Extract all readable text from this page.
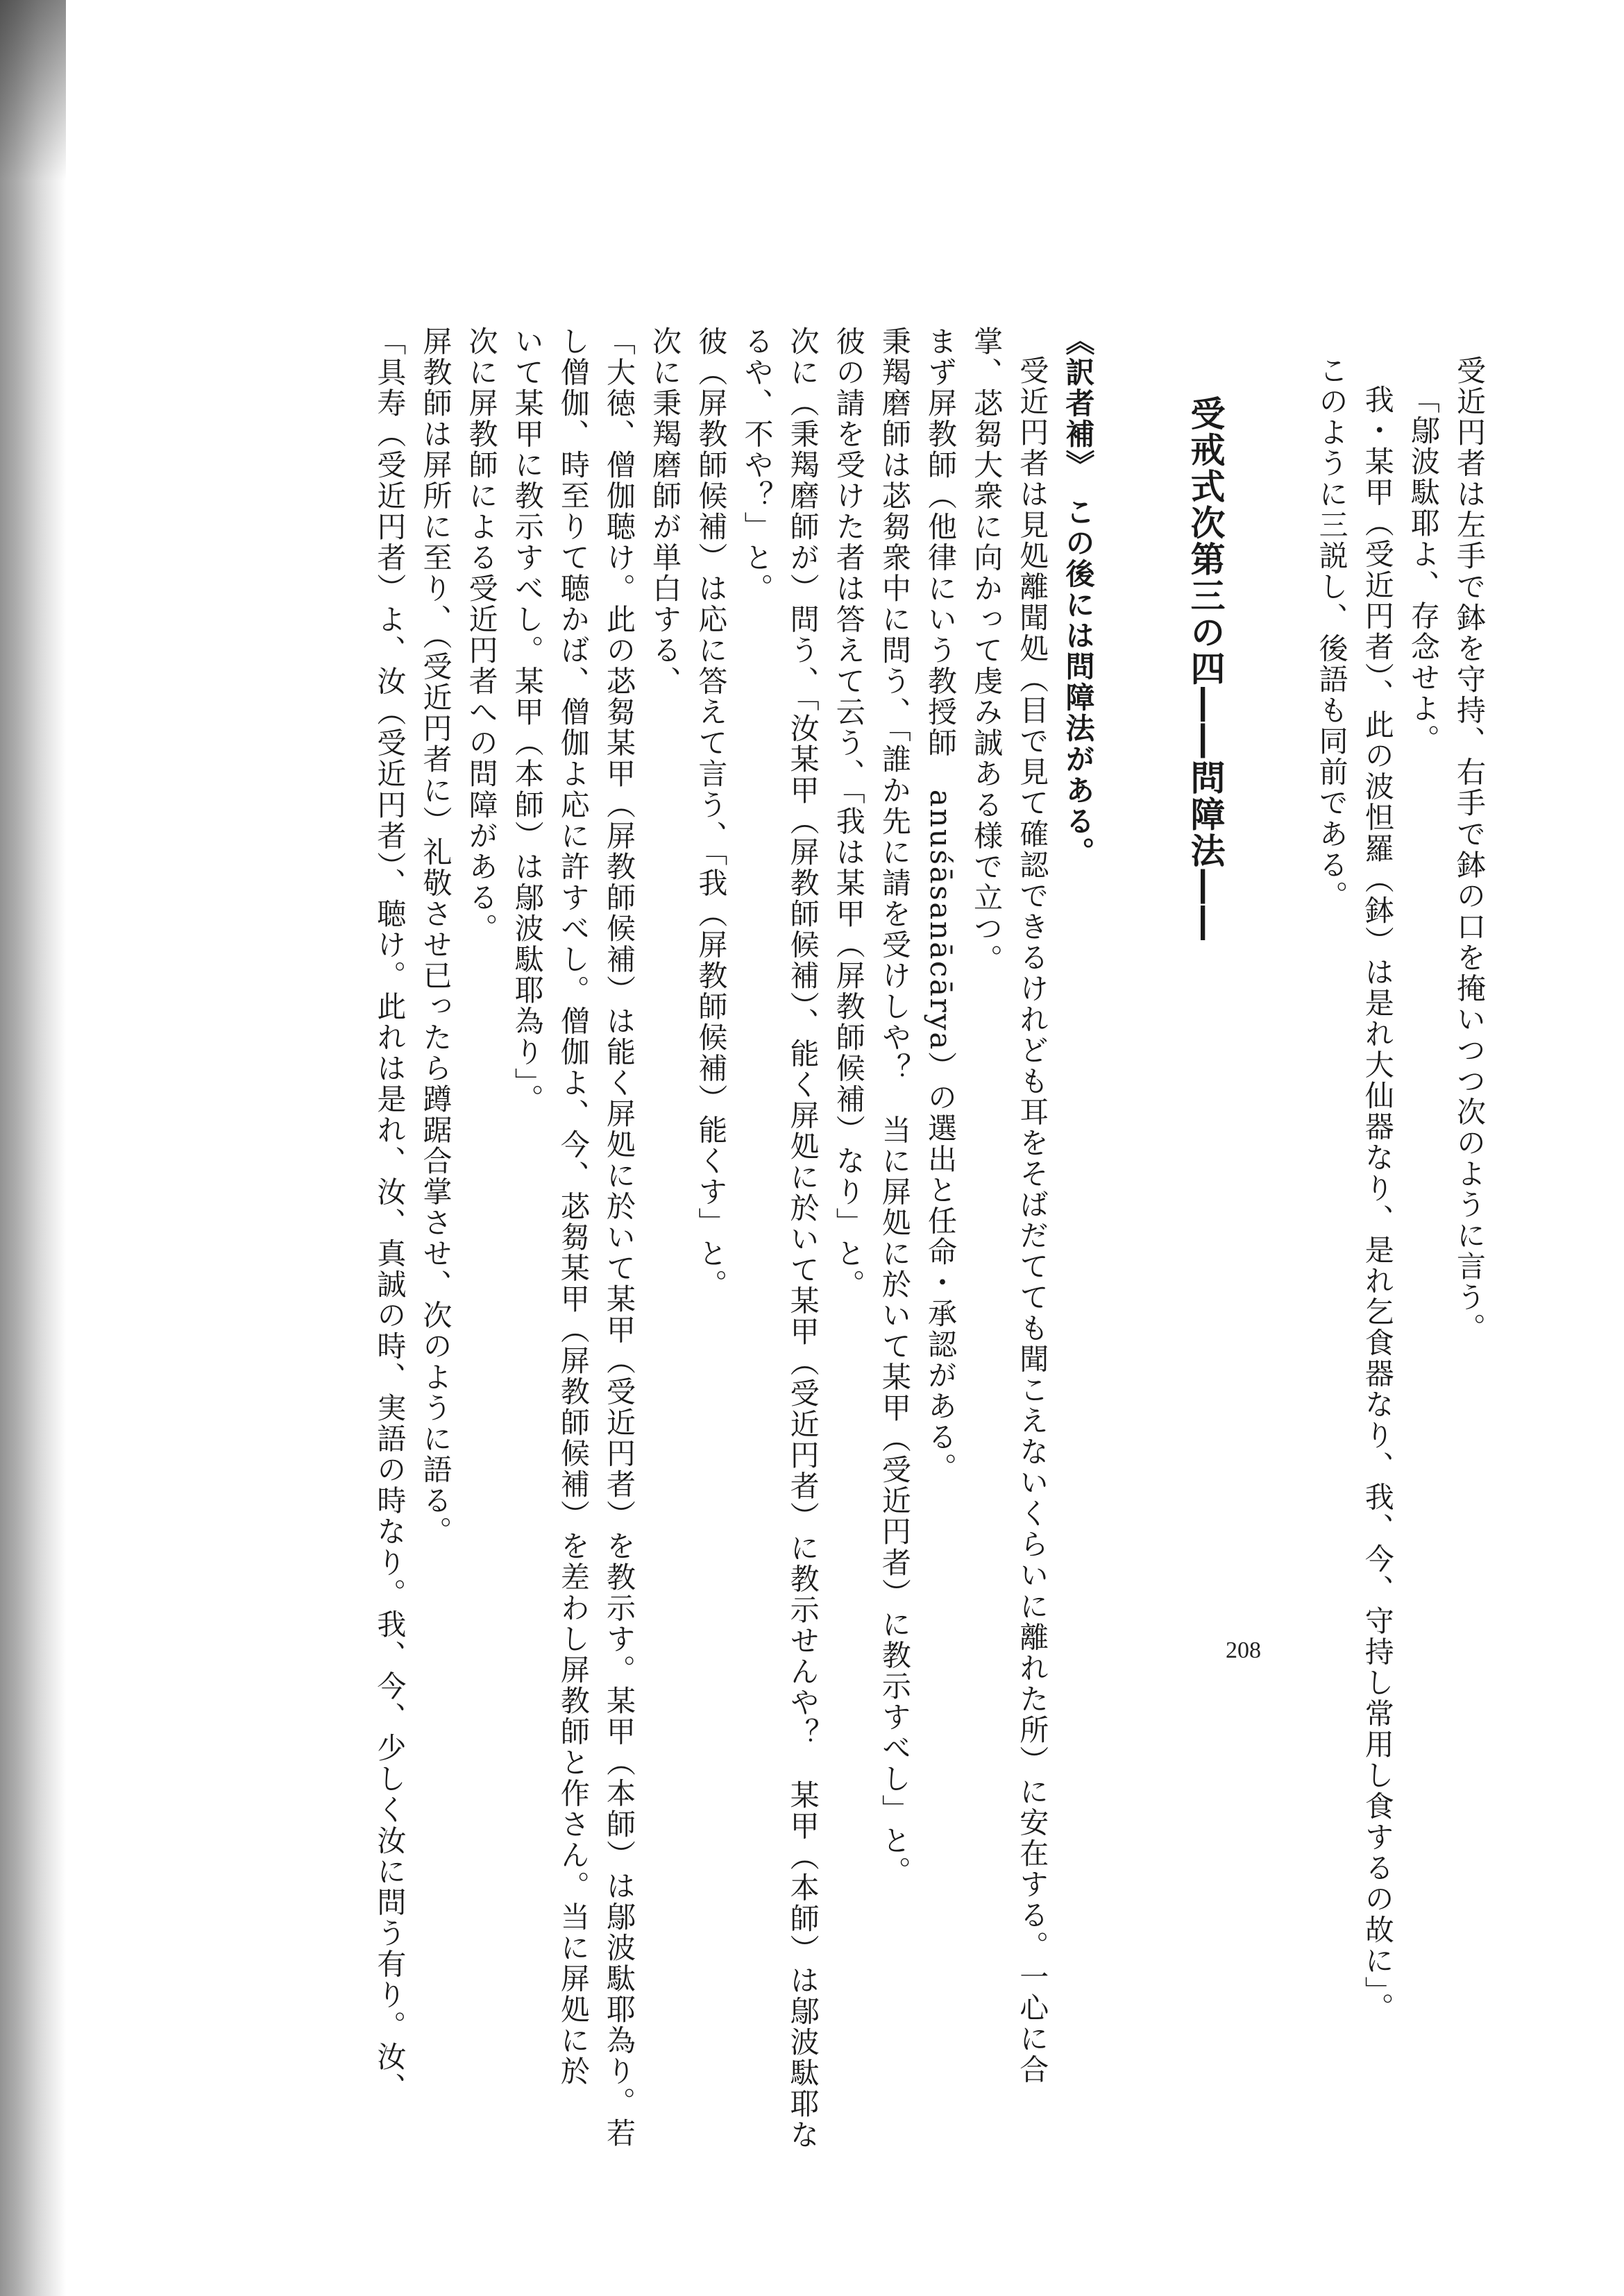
受近円者は左手で鉢を守持、右手で鉢の口を掩いつつ次のように言う。

「鄔波駄耶よ、存念せよ。

我・某甲（受近円者）、此の波怛羅（鉢）は是れ大仙器なり、是れ乞食器なり、我、今、守持し常用し食するの故に」。

このように三説し、後語も同前である。

受戒式次第三の四――問障法――

《訳者補》　この後には問障法がある。

受近円者は見処離聞処（目で見て確認できるけれども耳をそばだてても聞こえないくらいに離れた所）に安在する。一心に合

掌、苾芻大衆に向かって虔み誠ある様で立つ。

まず屏教師（他律にいう教授師　anuśāsanācārya）の選出と任命・承認がある。

秉羯磨師は苾芻衆中に問う、「誰か先に請を受けしや？　当に屏処に於いて某甲（受近円者）に教示すべし」と。

彼の請を受けた者は答えて云う、「我は某甲（屏教師候補）なり」と。

次に（秉羯磨師が）問う、「汝某甲（屏教師候補）、能く屏処に於いて某甲（受近円者）に教示せんや？　某甲（本師）は鄔波駄耶な

るや、不や？」と。

彼（屏教師候補）は応に答えて言う、「我（屏教師候補）能くす」と。

次に秉羯磨師が単白する、

「大徳、僧伽聴け。此の苾芻某甲（屏教師候補）は能く屏処に於いて某甲（受近円者）を教示す。某甲（本師）は鄔波駄耶為り。若

し僧伽、時至りて聴かば、僧伽よ応に許すべし。僧伽よ、今、苾芻某甲（屏教師候補）を差わし屏教師と作さん。当に屏処に於

いて某甲に教示すべし。某甲（本師）は鄔波駄耶為り」。

次に屏教師による受近円者への問障がある。

屏教師は屏所に至り、（受近円者に）礼敬させ已ったら蹲踞合掌させ、次のように語る。

「具寿（受近円者）よ、汝（受近円者）、聴け。此れは是れ、汝、真誠の時、実語の時なり。我、今、少しく汝に問う有り。汝、	208
